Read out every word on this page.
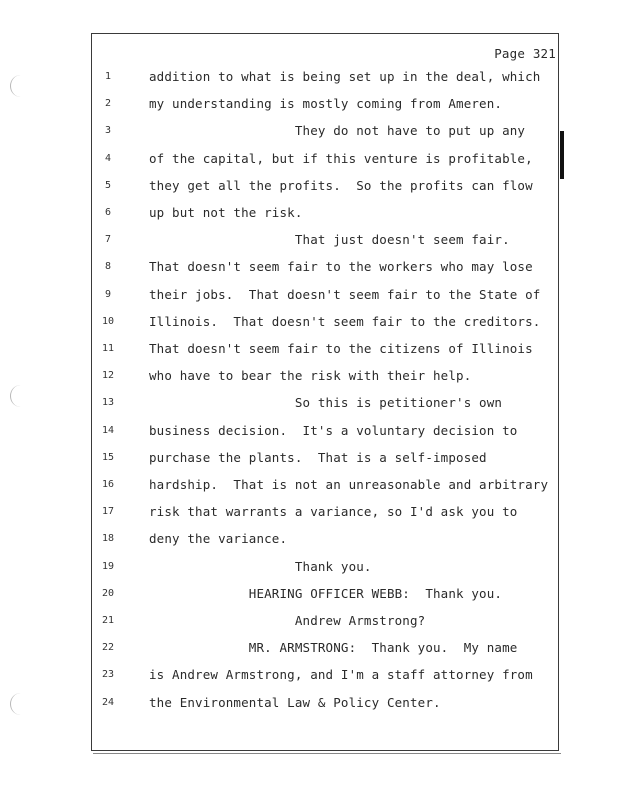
Page 321
1	addition to what is being set up in the deal, which
2	my understanding is mostly coming from Ameren.
3	They do not have to put up any
4	of the capital, but if this venture is profitable,
5	they get all the profits.  So the profits can flow
6	up but not the risk.
7	That just doesn't seem fair.
8	That doesn't seem fair to the workers who may lose
9	their jobs.  That doesn't seem fair to the State of
10	Illinois.  That doesn't seem fair to the creditors.
11	That doesn't seem fair to the citizens of Illinois
12	who have to bear the risk with their help.
13	So this is petitioner's own
14	business decision.  It's a voluntary decision to
15	purchase the plants.  That is a self-imposed
16	hardship.  That is not an unreasonable and arbitrary
17	risk that warrants a variance, so I'd ask you to
18	deny the variance.
19	Thank you.
20	HEARING OFFICER WEBB:  Thank you.
21	Andrew Armstrong?
22	MR. ARMSTRONG:  Thank you.  My name
23	is Andrew Armstrong, and I'm a staff attorney from
24	the Environmental Law & Policy Center.
